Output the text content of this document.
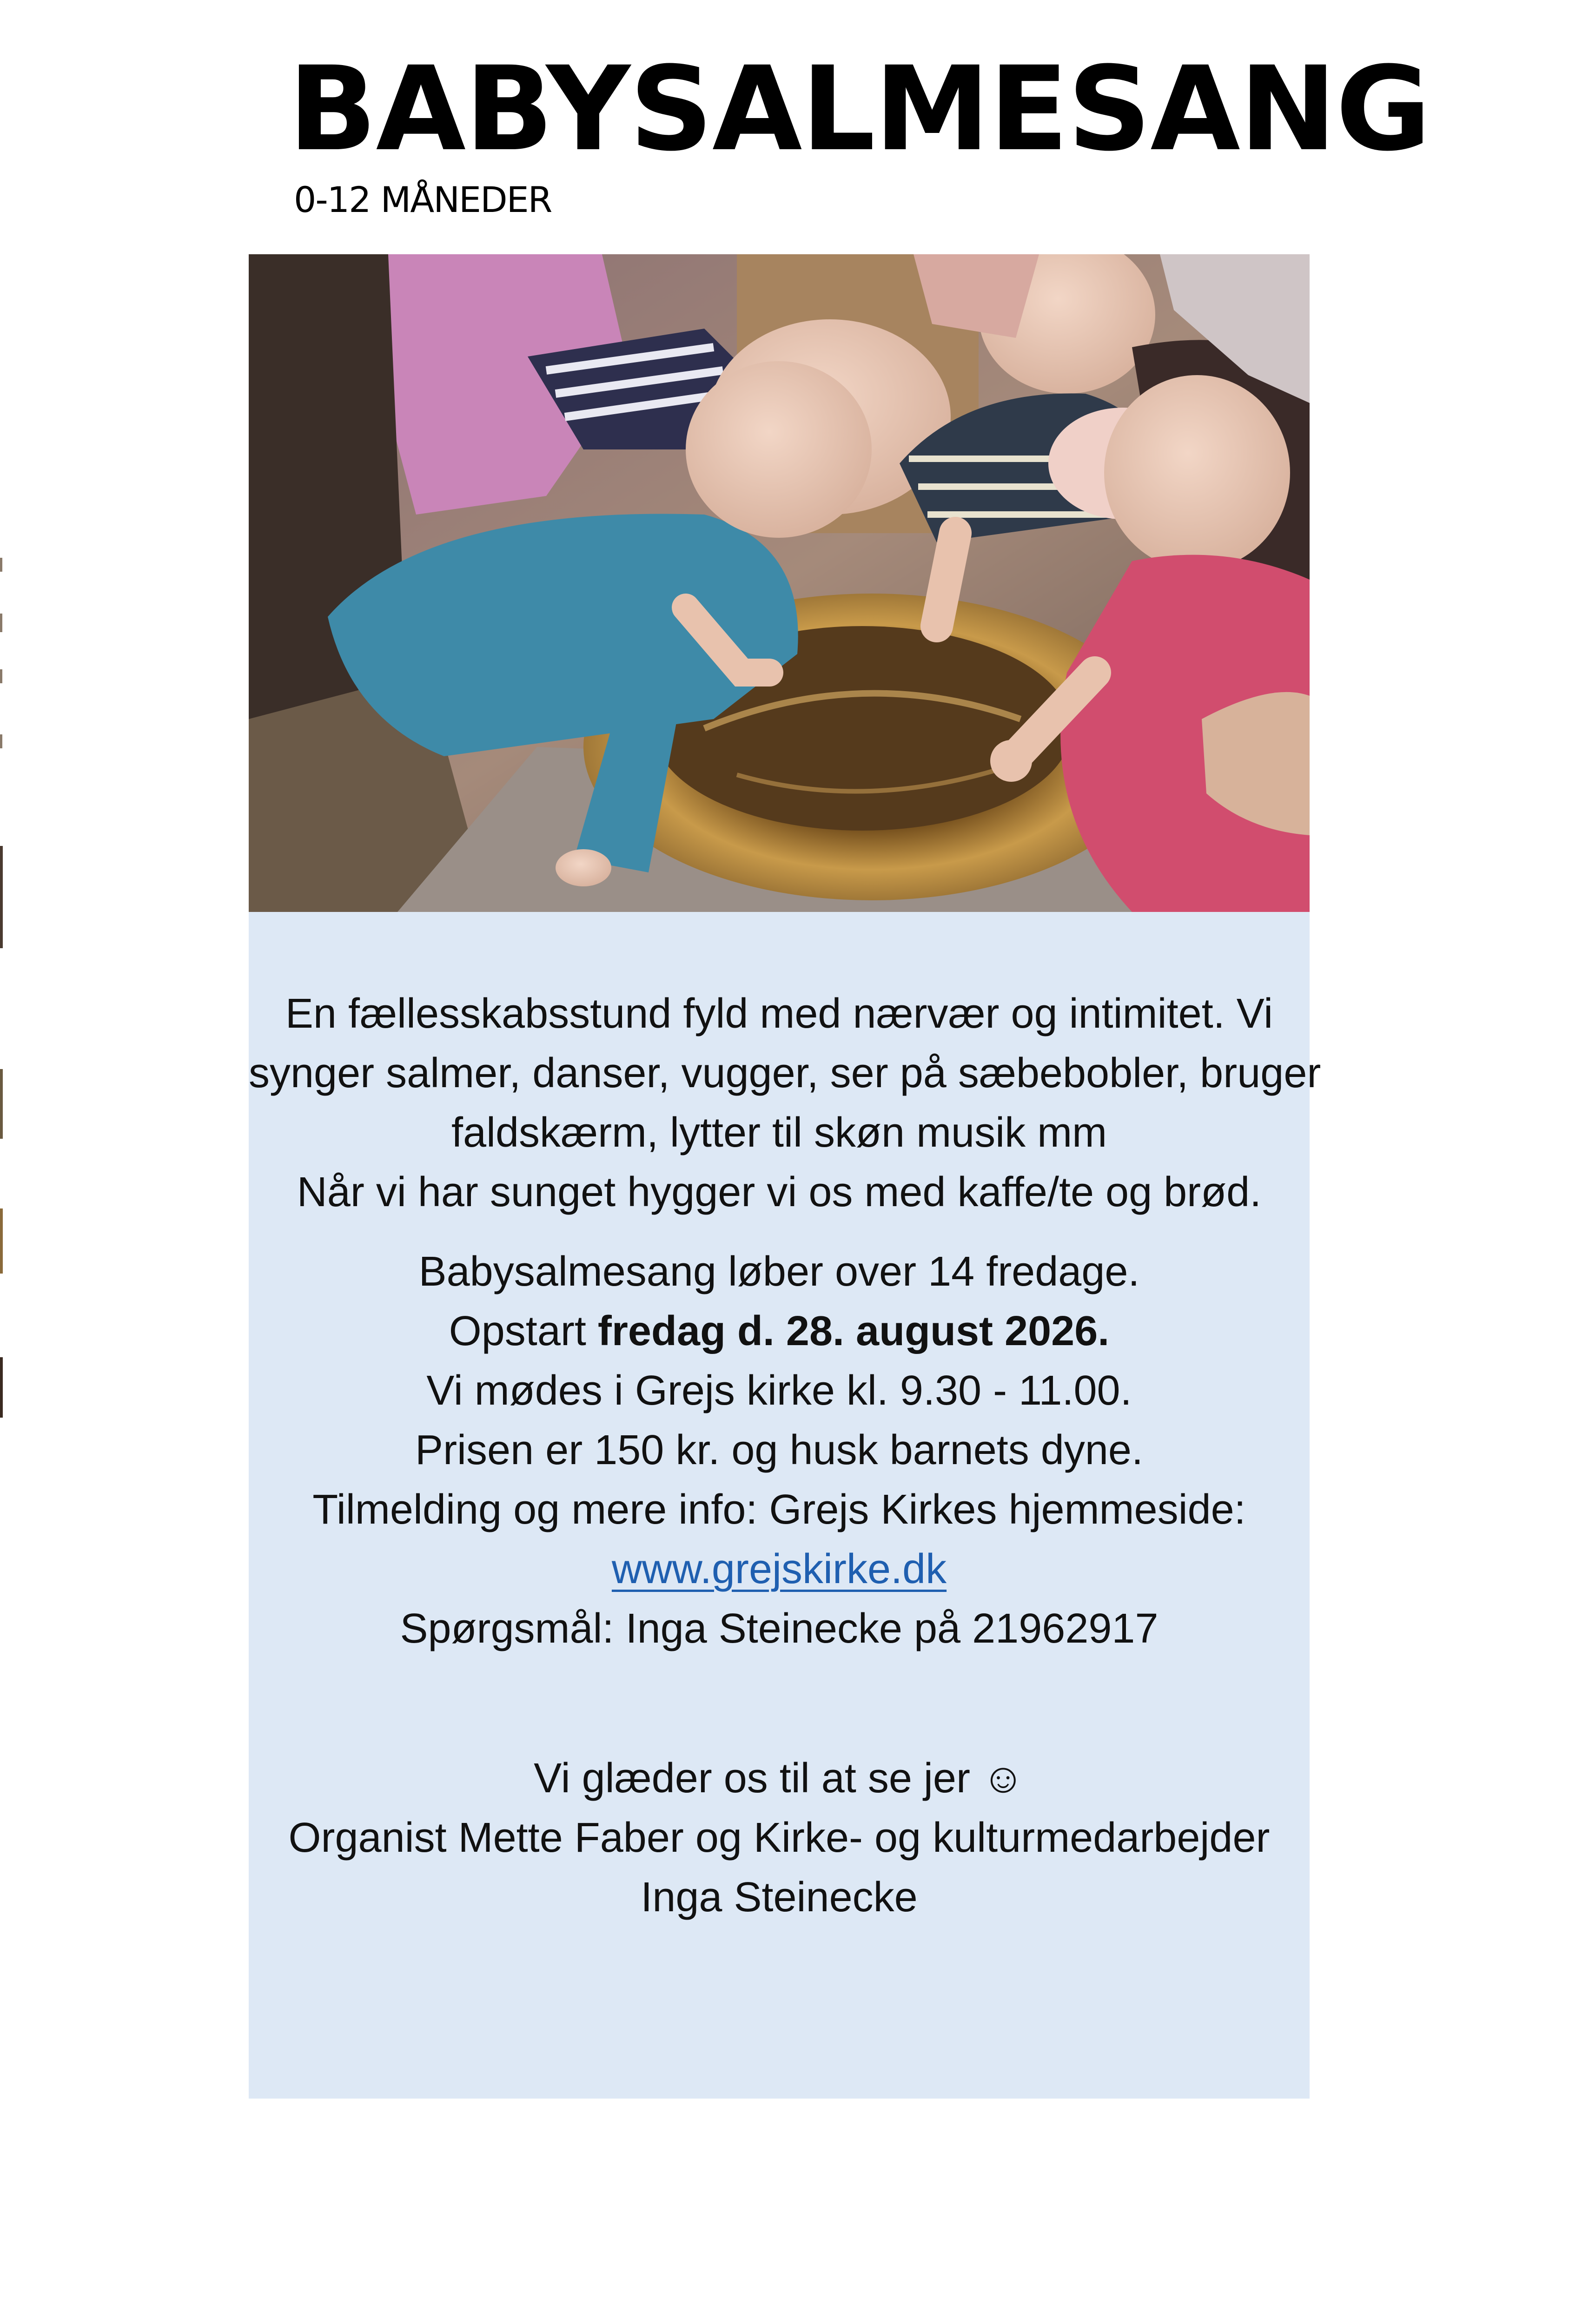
BABYSALMESANG
0-12 MÅNEDER
En fællesskabsstund fyld med nærvær og intimitet. Vi
synger salmer, danser, vugger, ser på sæbebobler, bruger
faldskærm, lytter til skøn musik mm
Når vi har sunget hygger vi os med kaffe/te og brød.
Babysalmesang løber over 14 fredage.
Opstart fredag d. 28. august 2026.
Vi mødes i Grejs kirke kl. 9.30 - 11.00.
Prisen er 150 kr. og husk barnets dyne.
Tilmelding og mere info: Grejs Kirkes hjemmeside:
www.grejskirke.dk
Spørgsmål: Inga Steinecke på 21962917
Vi glæder os til at se jer ☺
Organist Mette Faber og Kirke- og kulturmedarbejder
Inga Steinecke
